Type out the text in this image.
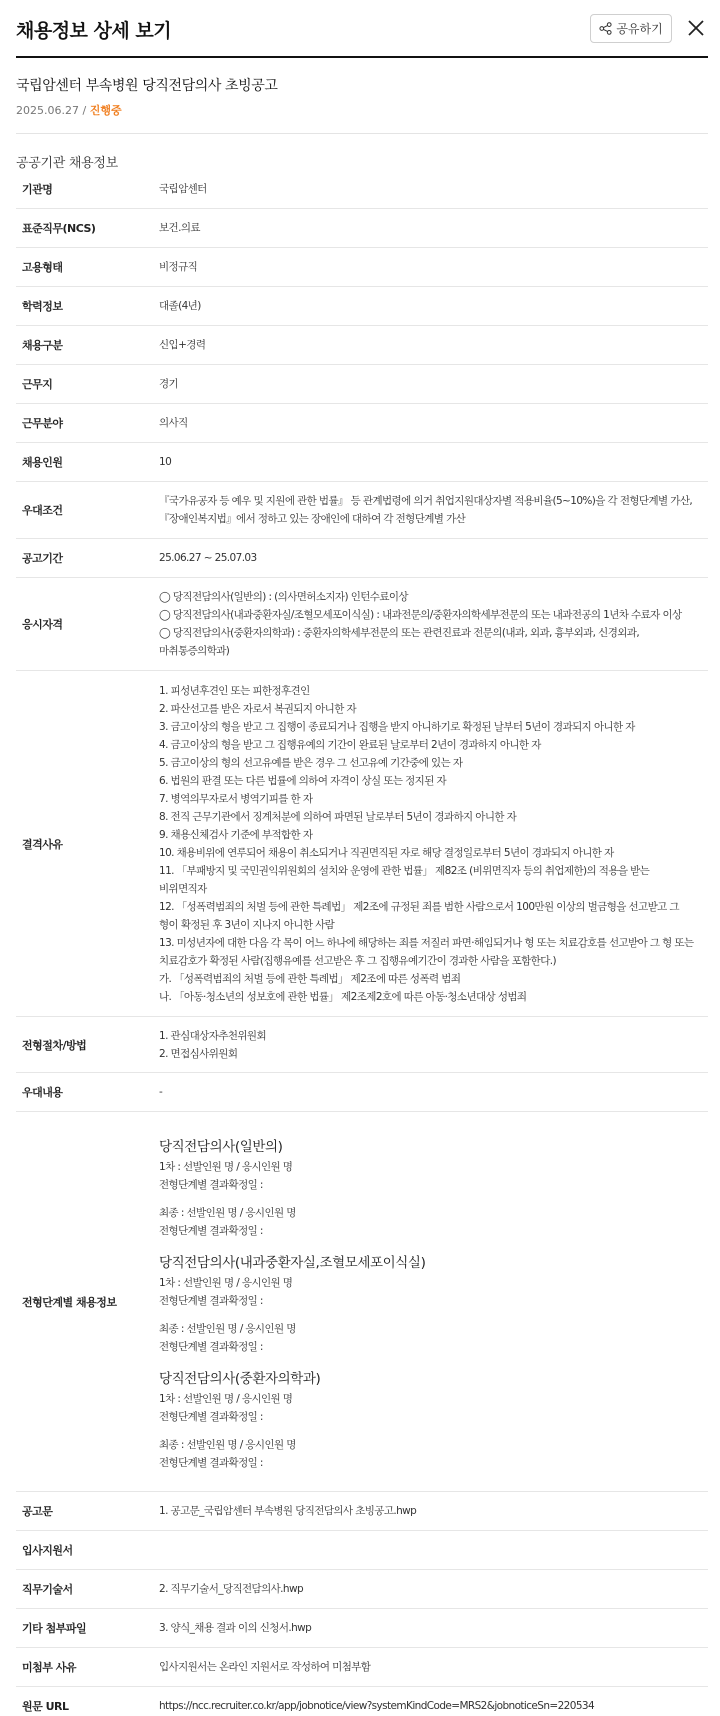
채용정보 상세 보기	공유하기
국립암센터 부속병원 당직전담의사 초빙공고
2025.06.27 / 진행중
공공기관 채용정보
기관명	국립암센터
표준직무(NCS)	보건.의료
고용형태	비정규직
학력정보	대졸(4년)
채용구분	신입+경력
근무지	경기
근무분야	의사직
채용인원	10
우대조건
『국가유공자 등 예우 및 지원에 관한 법률』 등 관계법령에 의거 취업지원대상자별 적용비율(5~10%)을 각 전형단계별 가산,
『장애인복지법』에서 정하고 있는 장애인에 대하여 각 전형단계별 가산
공고기간	25.06.27 ~ 25.07.03
응시자격
◯ 당직전담의사(일반의) : (의사면허소지자) 인턴수료이상
◯ 당직전담의사(내과중환자실/조혈모세포이식실) : 내과전문의/중환자의학세부전문의 또는 내과전공의 1년차 수료자 이상
◯ 당직전담의사(중환자의학과) : 중환자의학세부전문의 또는 관련진료과 전문의(내과, 외과, 흉부외과, 신경외과,
마취통증의학과)
결격사유
1. 피성년후견인 또는 피한정후견인
2. 파산선고를 받은 자로서 복권되지 아니한 자
3. 금고이상의 형을 받고 그 집행이 종료되거나 집행을 받지 아니하기로 확정된 날부터 5년이 경과되지 아니한 자
4. 금고이상의 형을 받고 그 집행유예의 기간이 완료된 날로부터 2년이 경과하지 아니한 자
5. 금고이상의 형의 선고유예를 받은 경우 그 선고유예 기간중에 있는 자
6. 법원의 판결 또는 다른 법률에 의하여 자격이 상실 또는 정지된 자
7. 병역의무자로서 병역기피를 한 자
8. 전직 근무기관에서 징계처분에 의하여 파면된 날로부터 5년이 경과하지 아니한 자
9. 채용신체검사 기준에 부적합한 자
10. 채용비위에 연루되어 채용이 취소되거나 직권면직된 자로 해당 결정일로부터 5년이 경과되지 아니한 자
11. 「부패방지 및 국민권익위원회의 설치와 운영에 관한 법률」 제82조 (비위면직자 등의 취업제한)의 적용을 받는
비위면직자
12. 「성폭력범죄의 처벌 등에 관한 특례법」 제2조에 규정된 죄를 범한 사람으로서 100만원 이상의 벌금형을 선고받고 그
형이 확정된 후 3년이 지나지 아니한 사람
13. 미성년자에 대한 다음 각 목이 어느 하나에 해당하는 죄를 저질러 파면·해임되거나 형 또는 치료감호를 선고받아 그 형 또는
치료감호가 확정된 사람(집행유예를 선고받은 후 그 집행유예기간이 경과한 사람을 포함한다.)
가. 「성폭력범죄의 처벌 등에 관한 특례법」 제2조에 따른 성폭력 범죄
나. 「아동·청소년의 성보호에 관한 법률」 제2조제2호에 따른 아동·청소년대상 성범죄
전형절차/방법
1. 관심대상자추천위원회
2. 면접심사위원회
우대내용	-
전형단계별 채용정보
당직전담의사(일반의)
1차 : 선발인원 명 / 응시인원 명
전형단계별 결과확정일 :
최종 : 선발인원 명 / 응시인원 명
전형단계별 결과확정일 :
당직전담의사(내과중환자실,조혈모세포이식실)
1차 : 선발인원 명 / 응시인원 명
전형단계별 결과확정일 :
최종 : 선발인원 명 / 응시인원 명
전형단계별 결과확정일 :
당직전담의사(중환자의학과)
1차 : 선발인원 명 / 응시인원 명
전형단계별 결과확정일 :
최종 : 선발인원 명 / 응시인원 명
전형단계별 결과확정일 :
공고문	1. 공고문_국립암센터 부속병원 당직전담의사 초빙공고.hwp
입사지원서
직무기술서	2. 직무기술서_당직전담의사.hwp
기타 첨부파일	3. 양식_채용 결과 이의 신청서.hwp
미첨부 사유	입사지원서는 온라인 지원서로 작성하여 미첨부함
원문 URL	https://ncc.recruiter.co.kr/app/jobnotice/view?systemKindCode=MRS2&jobnoticeSn=220534
